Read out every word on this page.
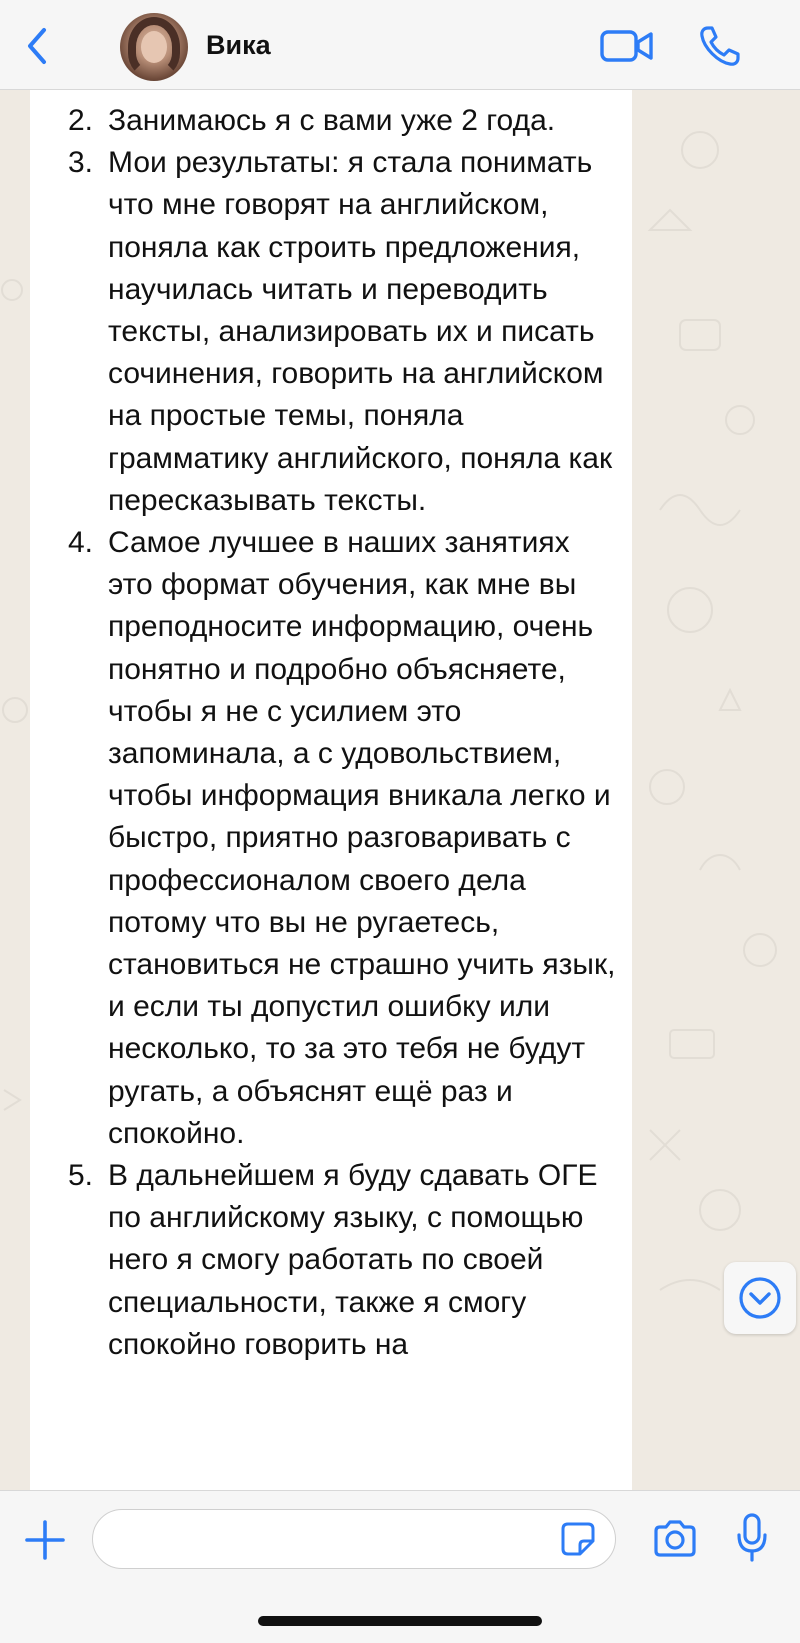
Вика
2. Занимаюсь я с вами уже 2 года.
3. Мои результаты: я стала понимать что мне говорят на английском, поняла как строить предложения, научилась читать и переводить тексты, анализировать их и писать сочинения, говорить на английском на простые темы, поняла грамматику английского, поняла как пересказывать тексты.
4. Самое лучшее в наших занятиях это формат обучения, как мне вы преподносите информацию, очень понятно и подробно объясняете, чтобы я не с усилием это запоминала, а с удовольствием, чтобы информация вникала легко и быстро, приятно разговаривать с профессионалом своего дела потому что вы не ругаетесь, становиться не страшно учить язык, и если ты допустил ошибку или несколько, то за это тебя не будут ругать, а объяснят ещё раз и спокойно.
5. В дальнейшем я буду сдавать ОГЕ по английскому языку, с помощью него я смогу работать по своей специальности, также я смогу спокойно говорить на
